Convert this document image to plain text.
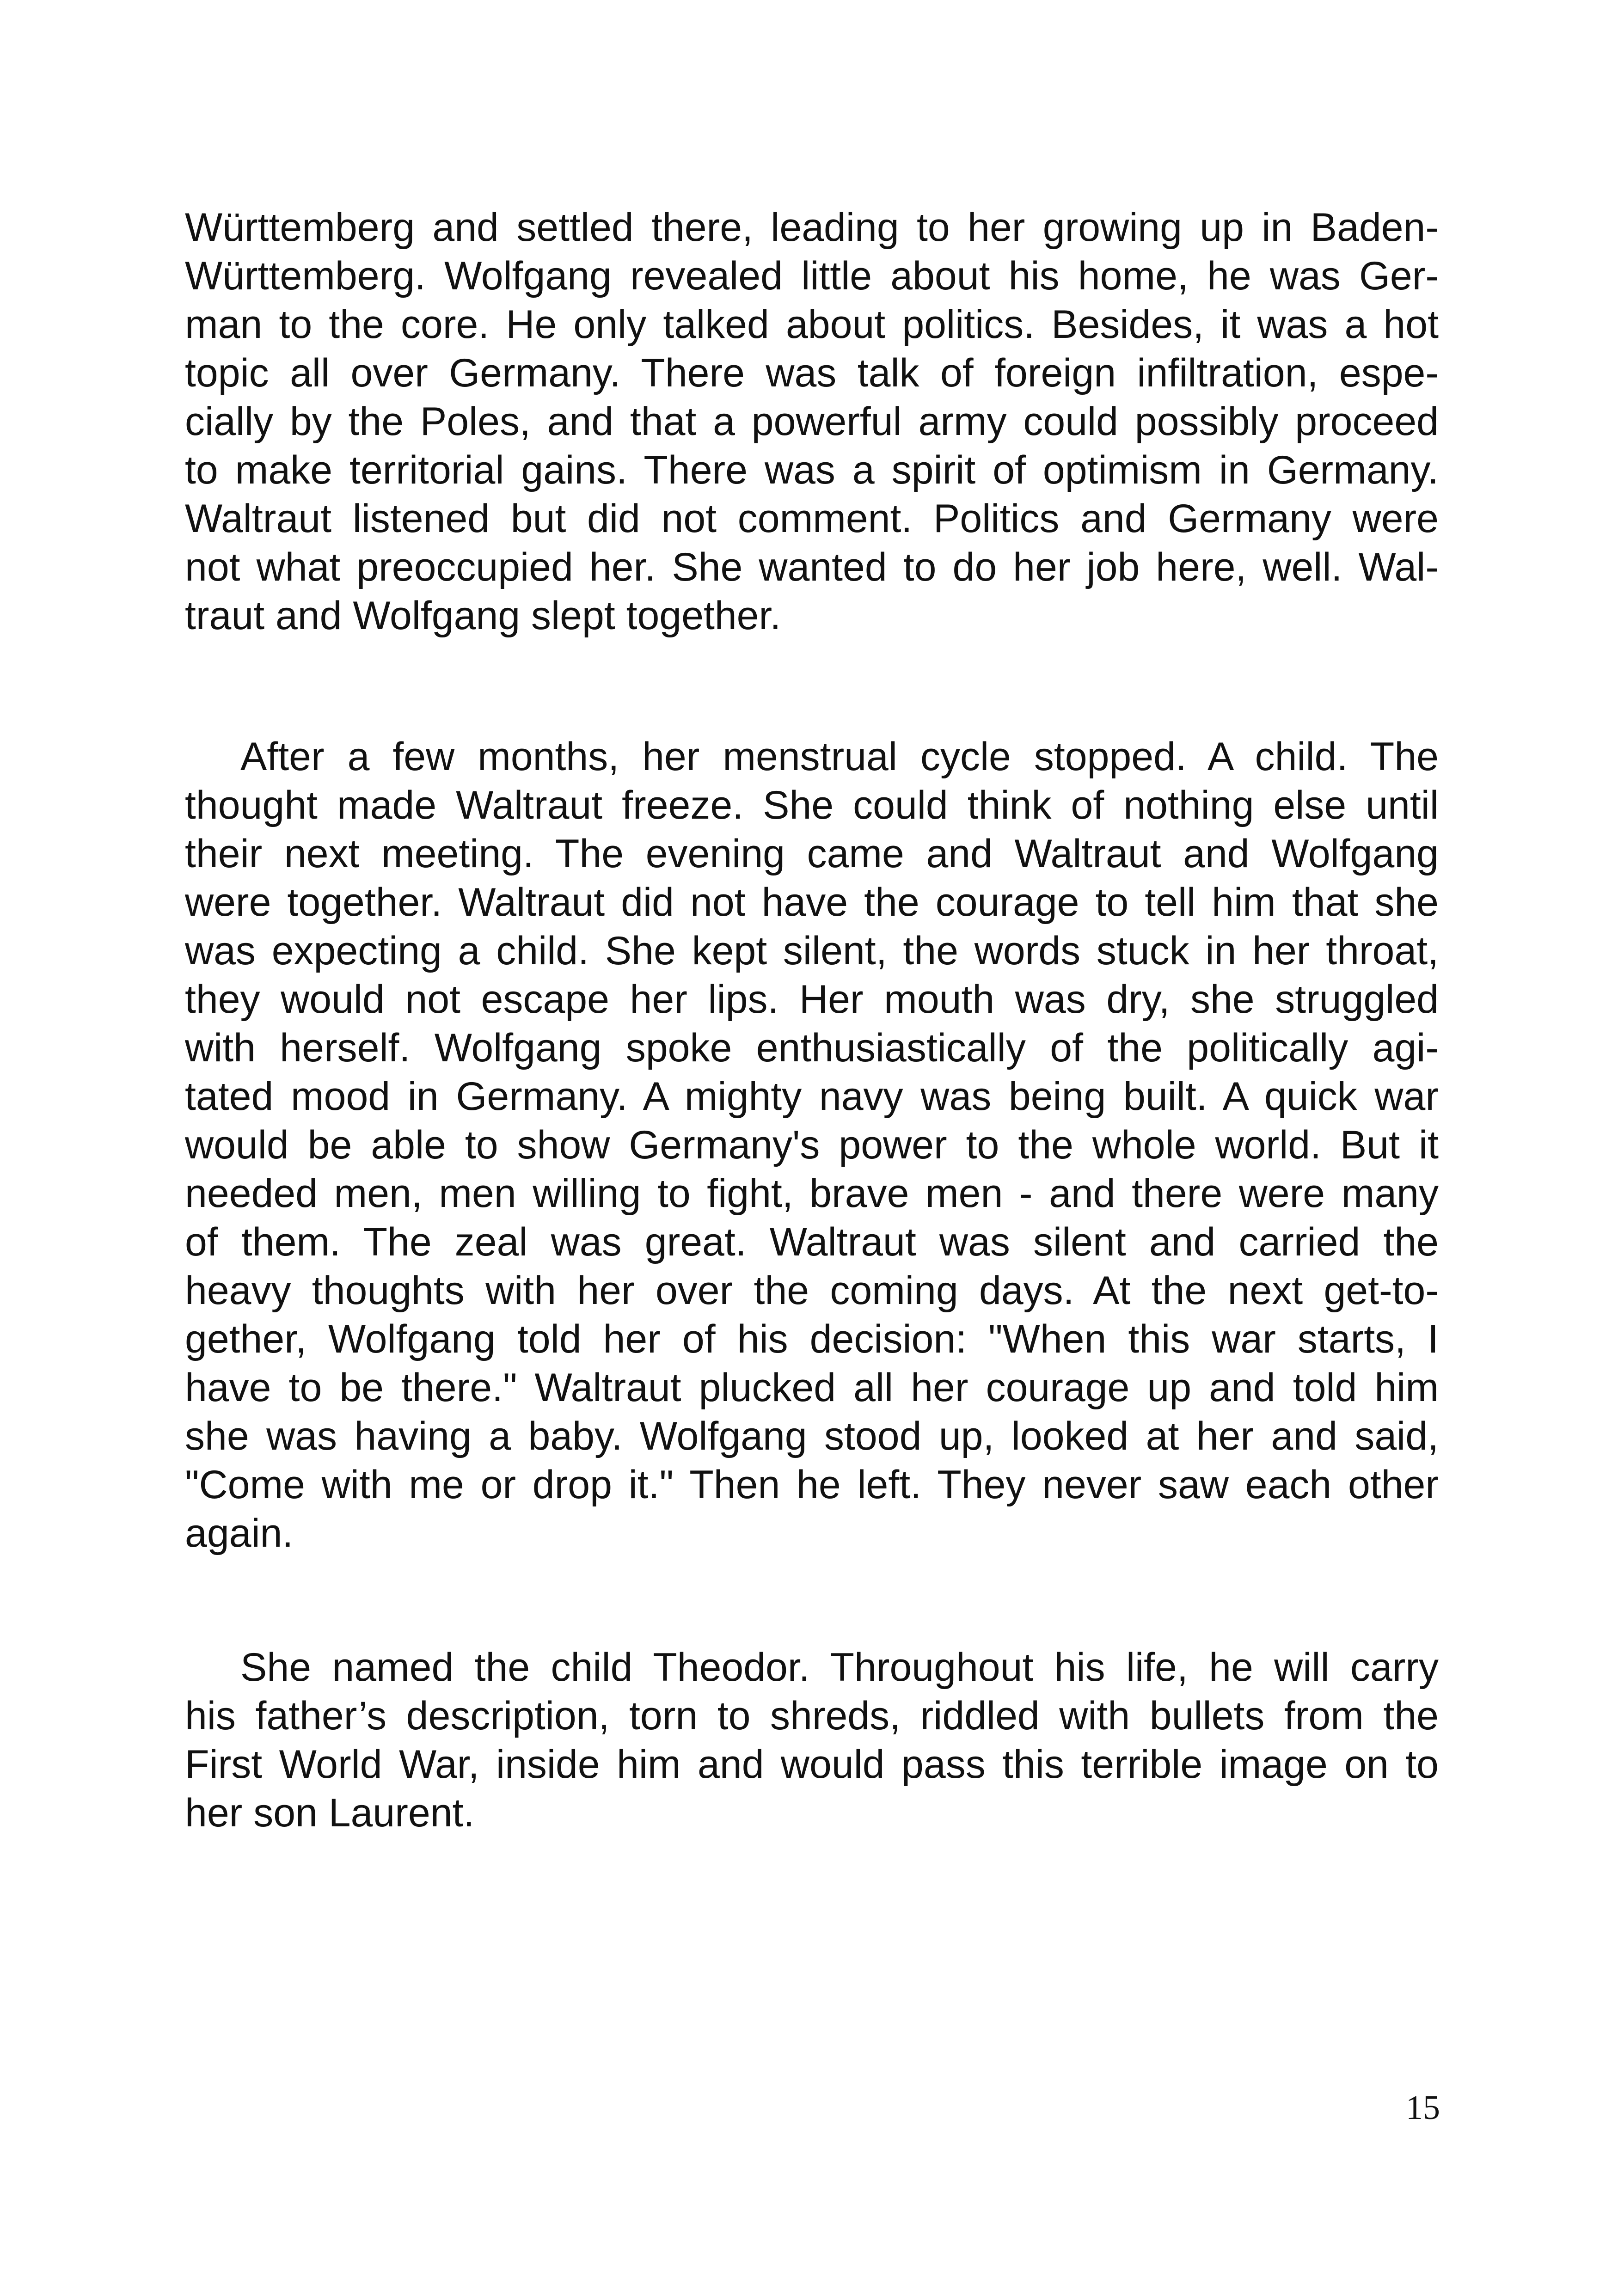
Württemberg and settled there, leading to her growing up in Baden-
Württemberg. Wolfgang revealed little about his home, he was Ger-
man to the core. He only talked about politics. Besides, it was a hot
topic all over Germany. There was talk of foreign infiltration, espe-
cially by the Poles, and that a powerful army could possibly proceed
to make territorial gains. There was a spirit of optimism in Germany.
Waltraut listened but did not comment. Politics and Germany were
not what preoccupied her. She wanted to do her job here, well. Wal-
traut and Wolfgang slept together.
After a few months, her menstrual cycle stopped. A child. The
thought made Waltraut freeze. She could think of nothing else until
their next meeting. The evening came and Waltraut and Wolfgang
were together. Waltraut did not have the courage to tell him that she
was expecting a child. She kept silent, the words stuck in her throat,
they would not escape her lips. Her mouth was dry, she struggled
with herself. Wolfgang spoke enthusiastically of the politically agi-
tated mood in Germany. A mighty navy was being built. A quick war
would be able to show Germany's power to the whole world. But it
needed men, men willing to fight, brave men - and there were many
of them. The zeal was great. Waltraut was silent and carried the
heavy thoughts with her over the coming days. At the next get-to-
gether, Wolfgang told her of his decision: "When this war starts, I
have to be there." Waltraut plucked all her courage up and told him
she was having a baby. Wolfgang stood up, looked at her and said,
"Come with me or drop it." Then he left. They never saw each other
again.
She named the child Theodor. Throughout his life, he will carry
his father’s description, torn to shreds, riddled with bullets from the
First World War, inside him and would pass this terrible image on to
her son Laurent.
15
